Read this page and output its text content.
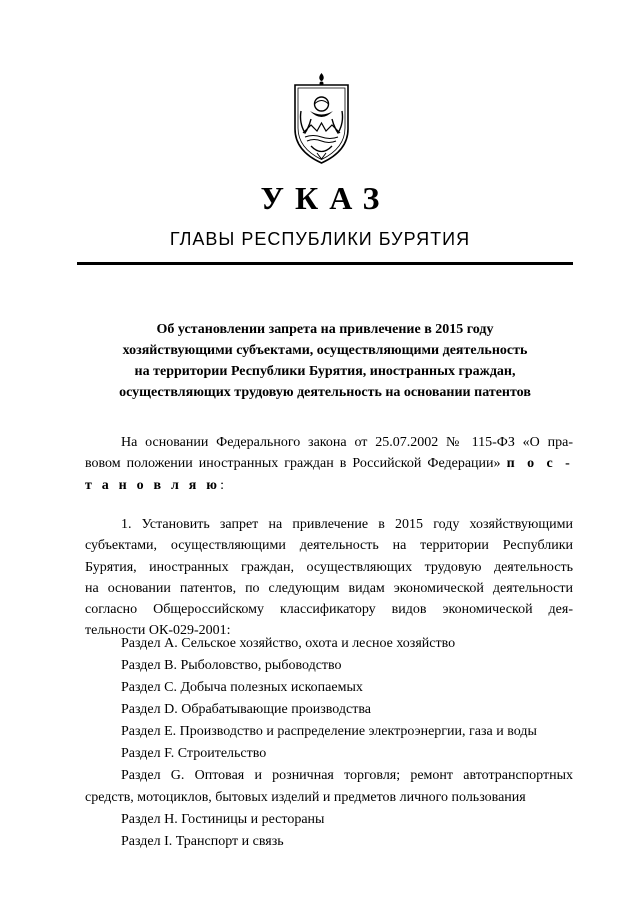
УКАЗ
ГЛАВЫ РЕСПУБЛИКИ БУРЯТИЯ
Об установлении запрета на привлечение в 2015 году
хозяйствующими субъектами, осуществляющими деятельность
на территории Республики Бурятия, иностранных граждан,
осуществляющих трудовую деятельность на основании патентов
На основании Федерального закона от 25.07.2002 № 115-ФЗ «О пра-
вовом положении иностранных граждан в Российской Федерации» п о с -
т а н о в л я ю:
1. Установить запрет на привлечение в 2015 году хозяйствующими
субъектами, осуществляющими деятельность на территории Республики
Бурятия, иностранных граждан, осуществляющих трудовую деятельность
на основании патентов, по следующим видам экономической деятельности
согласно Общероссийскому классификатору видов экономической дея-
тельности ОК-029-2001:
Раздел А. Сельское хозяйство, охота и лесное хозяйство
Раздел В. Рыболовство, рыбоводство
Раздел С. Добыча полезных ископаемых
Раздел D. Обрабатывающие производства
Раздел Е. Производство и распределение электроэнергии, газа и воды
Раздел F. Строительство
Раздел G. Оптовая и розничная торговля; ремонт автотранспортных
средств, мотоциклов, бытовых изделий и предметов личного пользования
Раздел Н. Гостиницы и рестораны
Раздел I. Транспорт и связь
